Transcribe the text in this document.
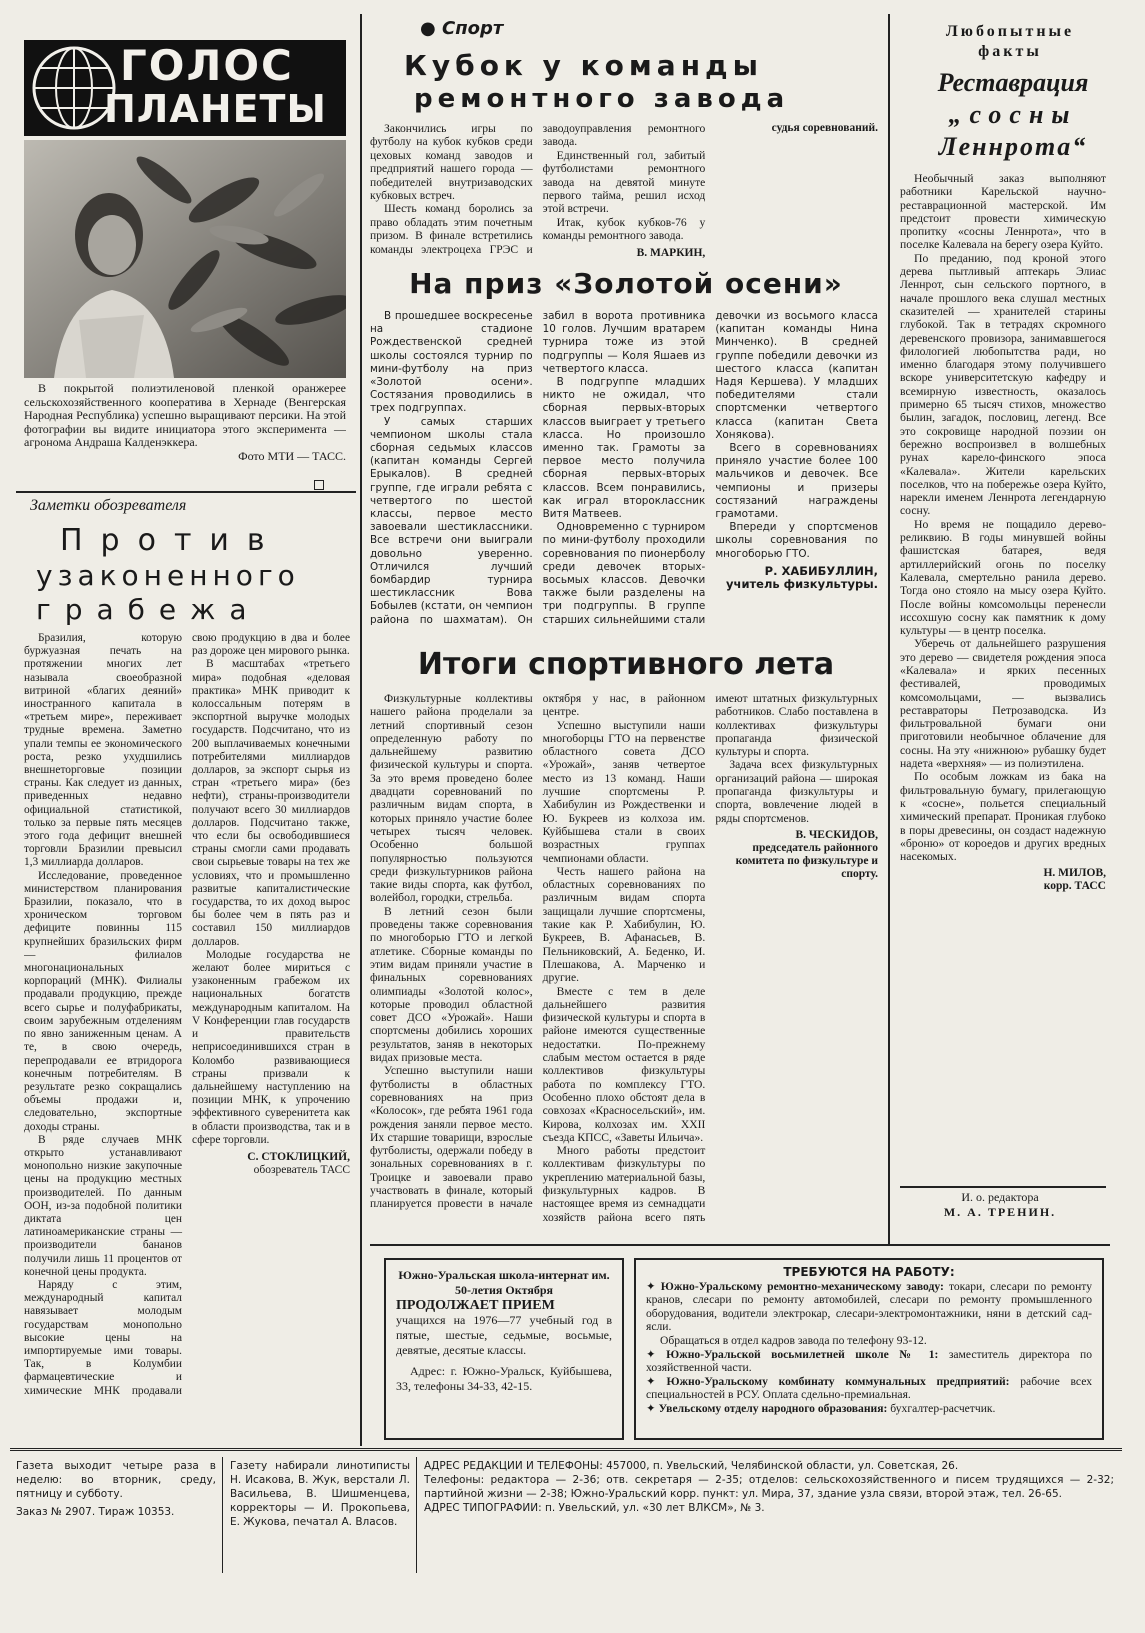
ГОЛОС
ПЛАНЕТЫ

В покрытой полиэтиленовой пленкой оранжерее сельскохозяйственного кооператива в Хернаде (Венгерская Народная Республика) успешно выращивают персики. На этой фотографии вы видите инициатора этого эксперимента — агронома Андраша Калденэккера.

Фото МТИ — ТАСС.
Заметки обозревателя
Против
узаконенного
грабежа

Бразилия, которую буржуазная печать на протяжении многих лет называла своеобразной витриной «благих деяний» иностранного капитала в «третьем мире», переживает трудные времена. Заметно упали темпы ее экономического роста, резко ухудшились внешнеторговые позиции страны. Как следует из данных, приведенных недавно официальной статистикой, только за первые пять месяцев этого года дефицит внешней торговли Бразилии превысил 1,3 миллиарда долларов.

Исследование, проведенное министерством планирования Бразилии, показало, что в хроническом торговом дефиците повинны 115 крупнейших бразильских фирм — филиалов многонациональных корпораций (МНК). Филиалы продавали продукцию, прежде всего сырье и полуфабрикаты, своим зарубежным отделениям по явно заниженным ценам. А те, в свою очередь, перепродавали ее втридорога конечным потребителям. В результате резко сокращались объемы продажи и, следовательно, экспортные доходы страны.

В ряде случаев МНК открыто устанавливают монопольно низкие закупочные цены на продукцию местных производителей. По данным ООН, из-за подобной политики диктата цен латиноамериканские страны — производители бананов получили лишь 11 процентов от конечной цены продукта.

Наряду с этим, международный капитал навязывает молодым государствам монопольно высокие цены на импортируемые ими товары. Так, в Колумбии фармацевтические и химические МНК продавали свою продукцию в два и более раз дороже цен мирового рынка.

В масштабах «третьего мира» подобная «деловая практика» МНК приводит к колоссальным потерям в экспортной выручке молодых государств. Подсчитано, что из 200 выплачиваемых конечными потребителями миллиардов долларов, за экспорт сырья из стран «третьего мира» (без нефти), страны-производители получают всего 30 миллиардов долларов. Подсчитано также, что если бы освободившиеся страны смогли сами продавать свои сырьевые товары на тех же условиях, что и промышленно развитые капиталистические государства, то их доход вырос бы более чем в пять раз и составил 150 миллиардов долларов.

Молодые государства не желают более мириться с узаконенным грабежом их национальных богатств международным капиталом. На V Конференции глав государств и правительств неприсоединившихся стран в Коломбо развивающиеся страны призвали к дальнейшему наступлению на позиции МНК, к упрочению эффективного суверенитета как в области производства, так и в сфере торговли.

С. СТОКЛИЦКИЙ,
обозреватель ТАСС
● Спорт
Кубок у команды
ремонтного завода

Закончились игры по футболу на кубок кубков среди цеховых команд заводов и предприятий нашего города — победителей внутризаводских кубковых встреч.

Шесть команд боролись за право обладать этим почетным призом. В финале встретились команды электроцеха ГРЭС и заводоуправления ремонтного завода.

Единственный гол, забитый футболистами ремонтного завода на девятой минуте первого тайма, решил исход этой встречи.

Итак, кубок кубков-76 у команды ремонтного завода.

В. МАРКИН,
судья соревнований.
На приз «Золотой осени»

В прошедшее воскресенье на стадионе Рождественской средней школы состоялся турнир по мини-футболу на приз «Золотой осени». Состязания проводились в трех подгруппах.

У самых старших чемпионом школы стала сборная седьмых классов (капитан команды Сергей Ерыкалов). В средней группе, где играли ребята с четвертого по шестой классы, первое место завоевали шестиклассники. Все встречи они выиграли довольно уверенно. Отличился лучший бомбардир турнира шестиклассник Вова Бобылев (кстати, он чемпион района по шахматам). Он забил в ворота противника 10 голов. Лучшим вратарем турнира тоже из этой подгруппы — Коля Яшаев из четвертого класса.

В подгруппе младших никто не ожидал, что сборная первых-вторых классов выиграет у третьего класса. Но произошло именно так. Грамоты за первое место получила сборная первых-вторых классов. Всем понравились, как играл второклассник Витя Матвеев.

Одновременно с турниром по мини-футболу проходили соревнования по пионерболу среди девочек вторых-восьмых классов. Девочки также были разделены на три подгруппы. В группе старших сильнейшими стали девочки из восьмого класса (капитан команды Нина Минченко). В средней группе победили девочки из шестого класса (капитан Надя Кершева). У младших победителями стали спортсменки четвертого класса (капитан Света Хонякова).

Всего в соревнованиях приняло участие более 100 мальчиков и девочек. Все чемпионы и призеры состязаний награждены грамотами.

Впереди у спортсменов школы соревнования по многоборью ГТО.

Р. ХАБИБУЛЛИН,
учитель физкультуры.
Итоги спортивного лета

Физкультурные коллективы нашего района проделали за летний спортивный сезон определенную работу по дальнейшему развитию физической культуры и спорта. За это время проведено более двадцати соревнований по различным видам спорта, в которых приняло участие более четырех тысяч человек. Особенно большой популярностью пользуются среди физкультурников района такие виды спорта, как футбол, волейбол, городки, стрельба.

В летний сезон были проведены также соревнования по многоборью ГТО и легкой атлетике. Сборные команды по этим видам приняли участие в финальных соревнованиях олимпиады «Золотой колос», которые проводил областной совет ДСО «Урожай». Наши спортсмены добились хороших результатов, заняв в некоторых видах призовые места.

Успешно выступили наши футболисты в областных соревнованиях на приз «Колосок», где ребята 1961 года рождения заняли первое место. Их старшие товарищи, взрослые футболисты, одержали победу в зональных соревнованиях в г. Троицке и завоевали право участвовать в финале, который планируется провести в начале октября у нас, в районном центре.

Успешно выступили наши многоборцы ГТО на первенстве областного совета ДСО «Урожай», заняв четвертое место из 13 команд. Наши лучшие спортсмены Р. Хабибулин из Рождественки и Ю. Букреев из колхоза им. Куйбышева стали в своих возрастных группах чемпионами области.

Честь нашего района на областных соревнованиях по различным видам спорта защищали лучшие спортсмены, такие как Р. Хабибулин, Ю. Букреев, В. Афанасьев, В. Пельниковский, А. Беденко, И. Плешакова, А. Марченко и другие.

Вместе с тем в деле дальнейшего развития физической культуры и спорта в районе имеются существенные недостатки. По-прежнему слабым местом остается в ряде коллективов физкультуры работа по комплексу ГТО. Особенно плохо обстоят дела в совхозах «Красносельский», им. Кирова, колхозах им. XXII съезда КПСС, «Заветы Ильича».

Много работы предстоит коллективам физкультуры по укреплению материальной базы, физкультурных кадров. В настоящее время из семнадцати хозяйств района всего пять имеют штатных физкультурных работников. Слабо поставлена в коллективах физкультуры пропаганда физической культуры и спорта.

Задача всех физкультурных организаций района — широкая пропаганда физкультуры и спорта, вовлечение людей в ряды спортсменов.

В. ЧЕСКИДОВ,
председатель районного комитета по физкультуре и спорту.
Любопытные факты
Реставрация
„сосны
Леннрота“

Необычный заказ выполняют работники Карельской научно-реставрационной мастерской. Им предстоит провести химическую пропитку «сосны Леннрота», что в поселке Калевала на берегу озера Куйто.

По преданию, под кроной этого дерева пытливый аптекарь Элиас Леннрот, сын сельского портного, в начале прошлого века слушал местных сказителей — хранителей старины глубокой. Так в тетрадях скромного деревенского провизора, занимавшегося филологией любопытства ради, но именно благодаря этому получившего вскоре университетскую кафедру и всемирную известность, оказалось примерно 65 тысяч стихов, множество былин, загадок, пословиц, легенд. Все это сокровище народной поэзии он бережно воспроизвел в волшебных рунах карело-финского эпоса «Калевала». Жители карельских поселков, что на побережье озера Куйто, нарекли именем Леннрота легендарную сосну.

Но время не пощадило дерево-реликвию. В годы минувшей войны фашистская батарея, ведя артиллерийский огонь по поселку Калевала, смертельно ранила дерево. Тогда оно стояло на мысу озера Куйто. После войны комсомольцы перенесли иссохшую сосну как памятник к дому культуры — в центр поселка.

Уберечь от дальнейшего разрушения это дерево — свидетеля рождения эпоса «Калевала» и ярких песенных фестивалей, проводимых комсомольцами, — вызвались реставраторы Петрозаводска. Из фильтровальной бумаги они приготовили необычное облачение для сосны. На эту «нижнюю» рубашку будет надета «верхняя» — из полиэтилена.

По особым ложкам из бака на фильтровальную бумагу, прилегающую к «сосне», польется специальный химический препарат. Проникая глубоко в поры древесины, он создаст надежную «броню» от короедов и других вредных насекомых.

Н. МИЛОВ,
корр. ТАСС
И. о. редактора
М. А. ТРЕНИН.
Южно-Уральская школа-интернат им. 50-летия Октября
ПРОДОЛЖАЕТ ПРИЕМ
учащихся на 1976—77 учебный год в пятые, шестые, седьмые, восьмые, девятые, десятые классы.
Адрес: г. Южно-Уральск, Куйбышева, 33, телефоны 34-33, 42-15.
ТРЕБУЮТСЯ НА РАБОТУ:
✦ Южно-Уральскому ремонтно-механическому заводу: токари, слесари по ремонту кранов, слесари по ремонту автомобилей, слесари по ремонту промышленного оборудования, водители электрокар, слесари-электромонтажники, няни в детский сад-ясли.
Обращаться в отдел кадров завода по телефону 93-12.
✦ Южно-Уральской восьмилетней школе № 1: заместитель директора по хозяйственной части.
✦ Южно-Уральскому комбинату коммунальных предприятий: рабочие всех специальностей в РСУ. Оплата сдельно-премиальная.
✦ Увельскому отделу народного образования: бухгалтер-расчетчик.
Газета выходит четыре раза в неделю: во вторник, среду, пятницу и субботу.
Заказ № 2907. Тираж 10353.
Газету набирали линотиписты Н. Исакова, В. Жук, верстали Л. Васильева, В. Шишменцева, корректоры — И. Прокопьева, Е. Жукова, печатал А. Власов.
АДРЕС РЕДАКЦИИ И ТЕЛЕФОНЫ: 457000, п. Увельский, Челябинской области, ул. Советская, 26.
Телефоны: редактора — 2-36; отв. секретаря — 2-35; отделов: сельскохозяйственного и писем трудящихся — 2-32; партийной жизни — 2-38; Южно-Уральский корр. пункт: ул. Мира, 37, здание узла связи, второй этаж, тел. 26-65.
АДРЕС ТИПОГРАФИИ: п. Увельский, ул. «30 лет ВЛКСМ», № 3.
